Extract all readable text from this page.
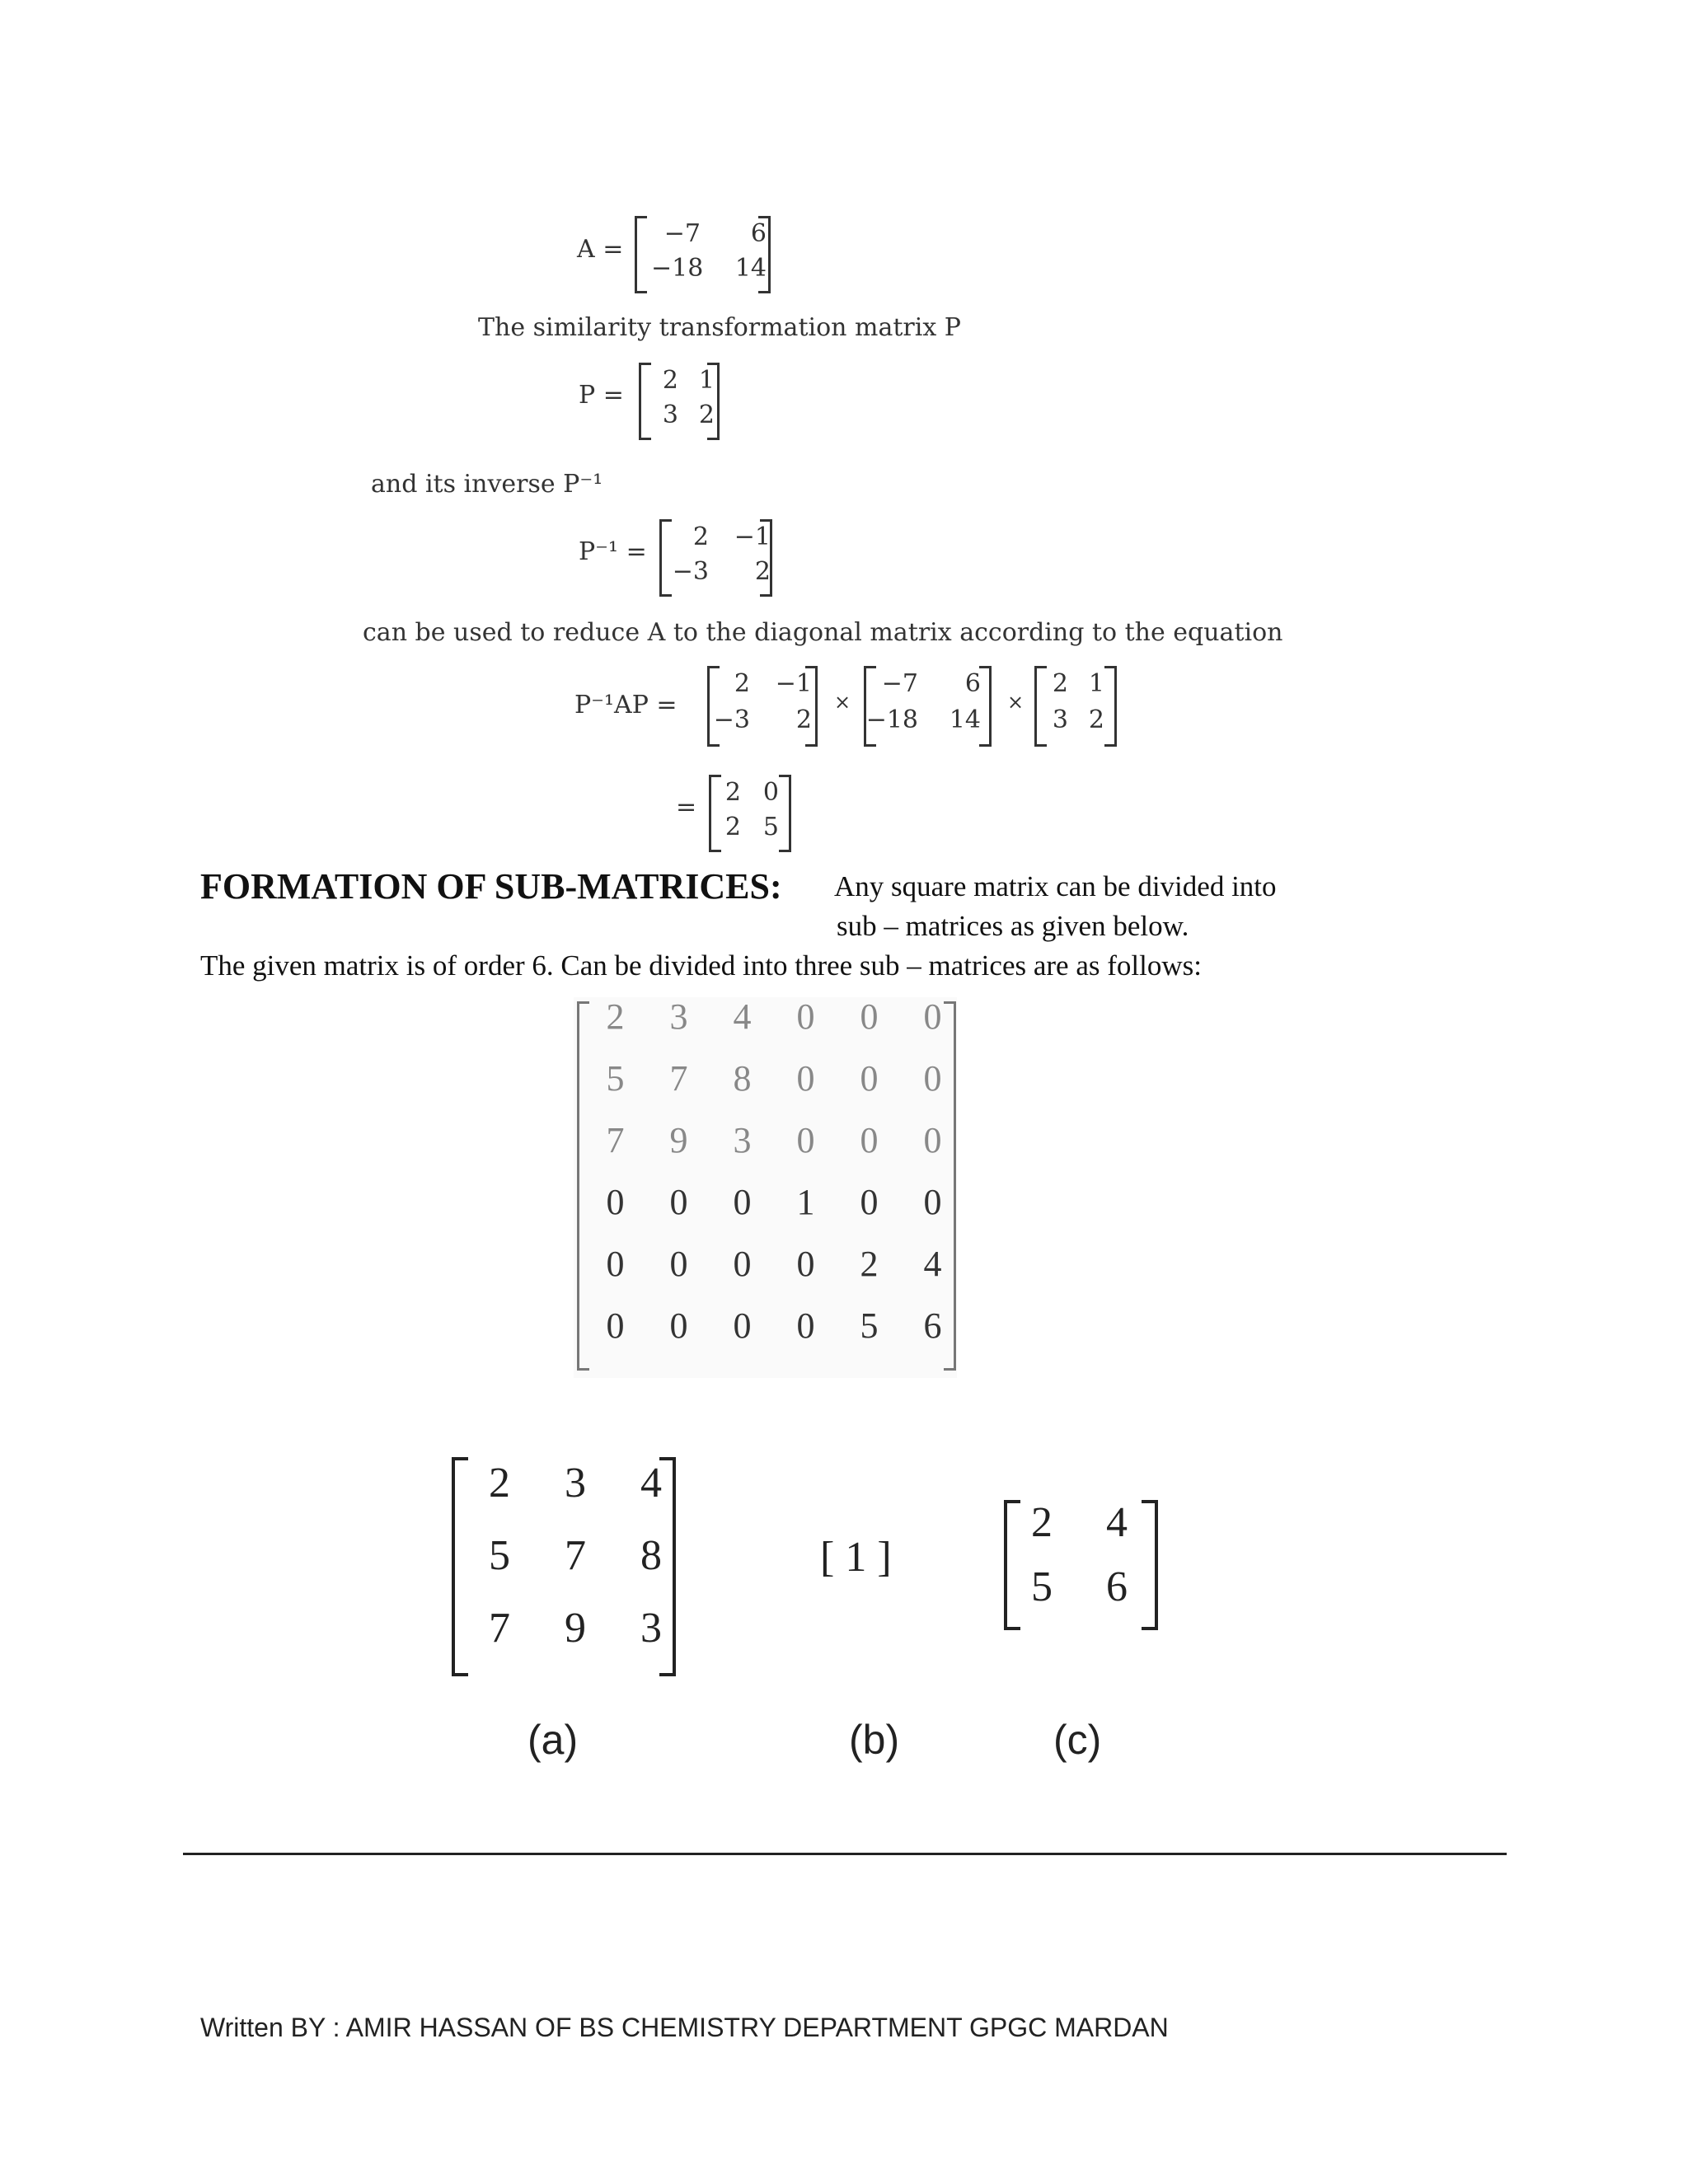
A =
−7	6
−18	14
The similarity transformation matrix P
P =
2 1
3 2
and its inverse P⁻¹
P⁻¹ =
2	−1
−3	2
can be used to reduce A to the diagonal matrix according to the equation
P⁻¹AP =
2	−1
−3	2
×
−7	6
−18	14
×
2 1
3 2
=
2 0
2 5
FORMATION OF SUB-MATRICES: Any square matrix can be divided into
sub – matrices as given below.
The given matrix is of order 6. Can be divided into three sub – matrices are as follows:
2	3	4	0	0	0
5	7	8	0	0	0
7	9	3	0	0	0
0	0	0	1	0	0
0	0	0	0	2	4
0	0	0	0	5	6
2	3	4
5	7	8
7	9	3
(a)
[ 1 ]
(b)
2	4
5	6
(c)
Written BY : AMIR HASSAN OF BS CHEMISTRY DEPARTMENT GPGC MARDAN
